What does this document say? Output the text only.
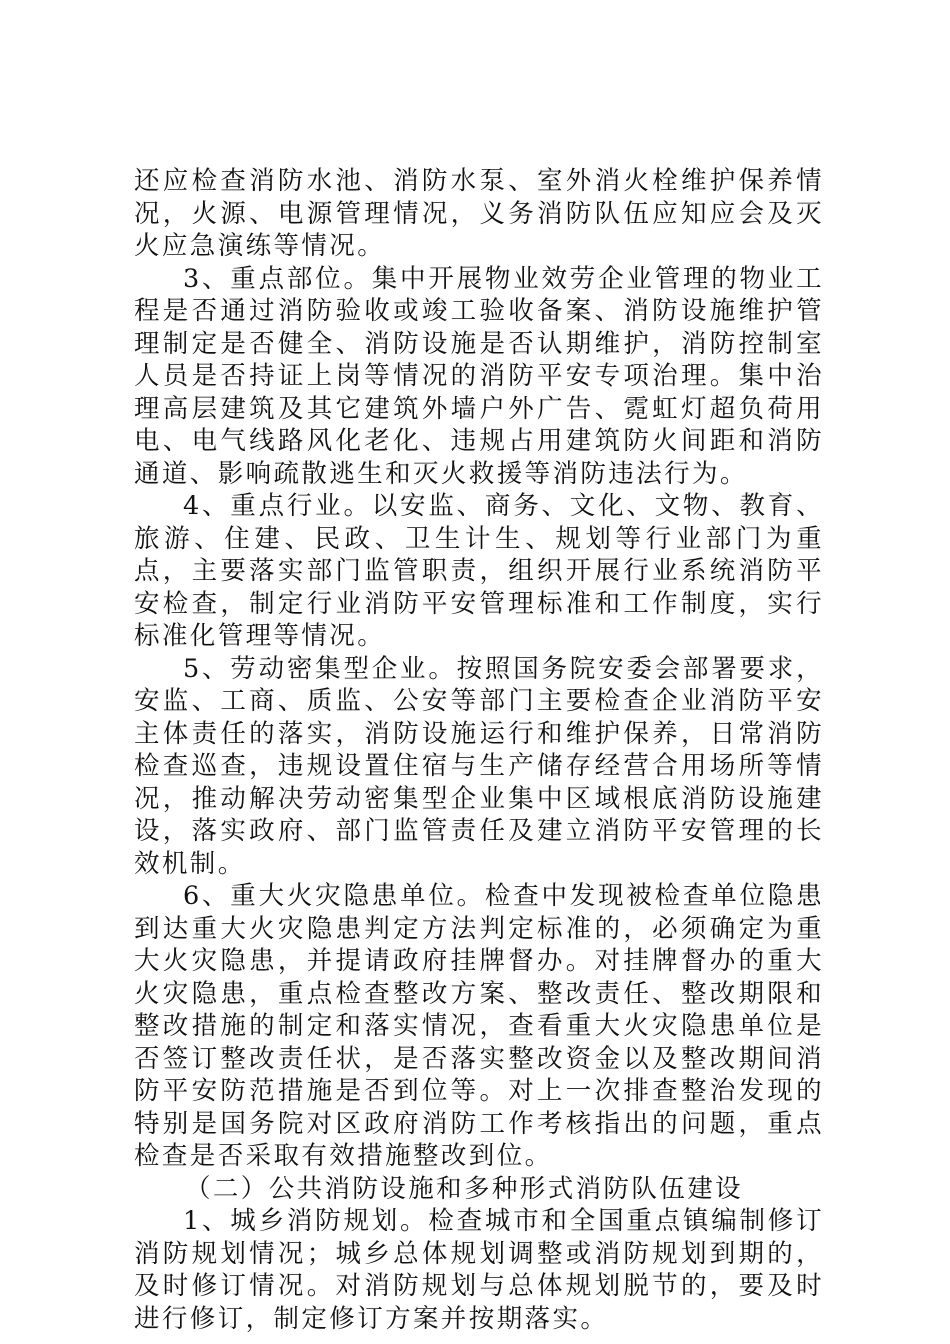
还应检查消防水池、消防水泵、室外消火栓维护保养情况，火源、电源管理情况，义务消防队伍应知应会及灭火应急演练等情况。

3、重点部位。集中开展物业效劳企业管理的物业工程是否通过消防验收或竣工验收备案、消防设施维护管理制定是否健全、消防设施是否认期维护，消防控制室人员是否持证上岗等情况的消防平安专项治理。集中治理高层建筑及其它建筑外墙户外广告、霓虹灯超负荷用电、电气线路风化老化、违规占用建筑防火间距和消防通道、影响疏散逃生和灭火救援等消防违法行为。

4、重点行业。以安监、商务、文化、文物、教育、旅游、住建、民政、卫生计生、规划等行业部门为重点，主要落实部门监管职责，组织开展行业系统消防平安检查，制定行业消防平安管理标准和工作制度，实行标准化管理等情况。

5、劳动密集型企业。按照国务院安委会部署要求，安监、工商、质监、公安等部门主要检查企业消防平安主体责任的落实，消防设施运行和维护保养，日常消防检查巡查，违规设置住宿与生产储存经营合用场所等情况，推动解决劳动密集型企业集中区域根底消防设施建设，落实政府、部门监管责任及建立消防平安管理的长效机制。

6、重大火灾隐患单位。检查中发现被检查单位隐患到达重大火灾隐患判定方法判定标准的，必须确定为重大火灾隐患，并提请政府挂牌督办。对挂牌督办的重大火灾隐患，重点检查整改方案、整改责任、整改期限和整改措施的制定和落实情况，查看重大火灾隐患单位是否签订整改责任状，是否落实整改资金以及整改期间消防平安防范措施是否到位等。对上一次排查整治发现的特别是国务院对区政府消防工作考核指出的问题，重点检查是否采取有效措施整改到位。

（二）公共消防设施和多种形式消防队伍建设

1、城乡消防规划。检查城市和全国重点镇编制修订消防规划情况；城乡总体规划调整或消防规划到期的，及时修订情况。对消防规划与总体规划脱节的，要及时进行修订，制定修订方案并按期落实。
